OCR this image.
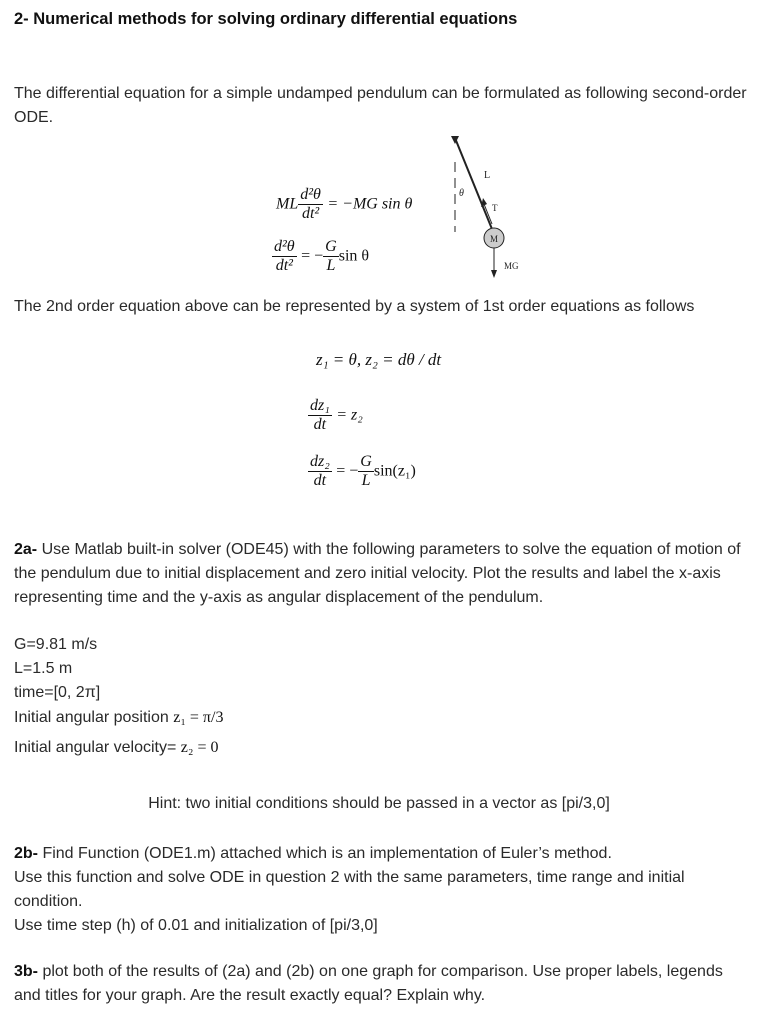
2- Numerical methods for solving ordinary differential equations
The differential equation for a simple undamped pendulum can be formulated as following second-order ODE.
ML $\frac{\text{d²θ}}{\text{dt²}} = -MG$ sin θ
$\frac{\text{d²θ}}{\text{dt²}}$ = − $\frac{G}{L}$ sin θ
M
L
θ
T
MG
The 2nd order equation above can be represented by a system of 1st order equations as follows
z₁ = θ, z₂ = dθ / dt
$\frac{\text{dz₁}}{dt} = z_2$
$\frac{\text{dz₂}}{dt}$ = − $\frac{G}{L} \sin(z_1)$
2a- Use Matlab built-in solver (ODE45) with the following parameters to solve the equation of motion of the pendulum due to initial displacement and zero initial velocity. Plot the results and label the x-axis representing time and the y-axis as angular displacement of the pendulum.
G=9.81 m/s
L=1.5 m
time=[0, 2π]
Initial angular position z₁ = π/3
Initial angular velocity= z₂ = 0
Hint: two initial conditions should be passed in a vector as [pi/3,0]
2b- Find Function (ODE1.m) attached which is an implementation of Euler’s method.
Use this function and solve ODE in question 2 with the same parameters, time range and initial condition.
Use time step (h) of 0.01 and initialization of [pi/3,0]
3b- plot both of the results of (2a) and (2b) on one graph for comparison. Use proper labels, legends and titles for your graph. Are the result exactly equal? Explain why.
